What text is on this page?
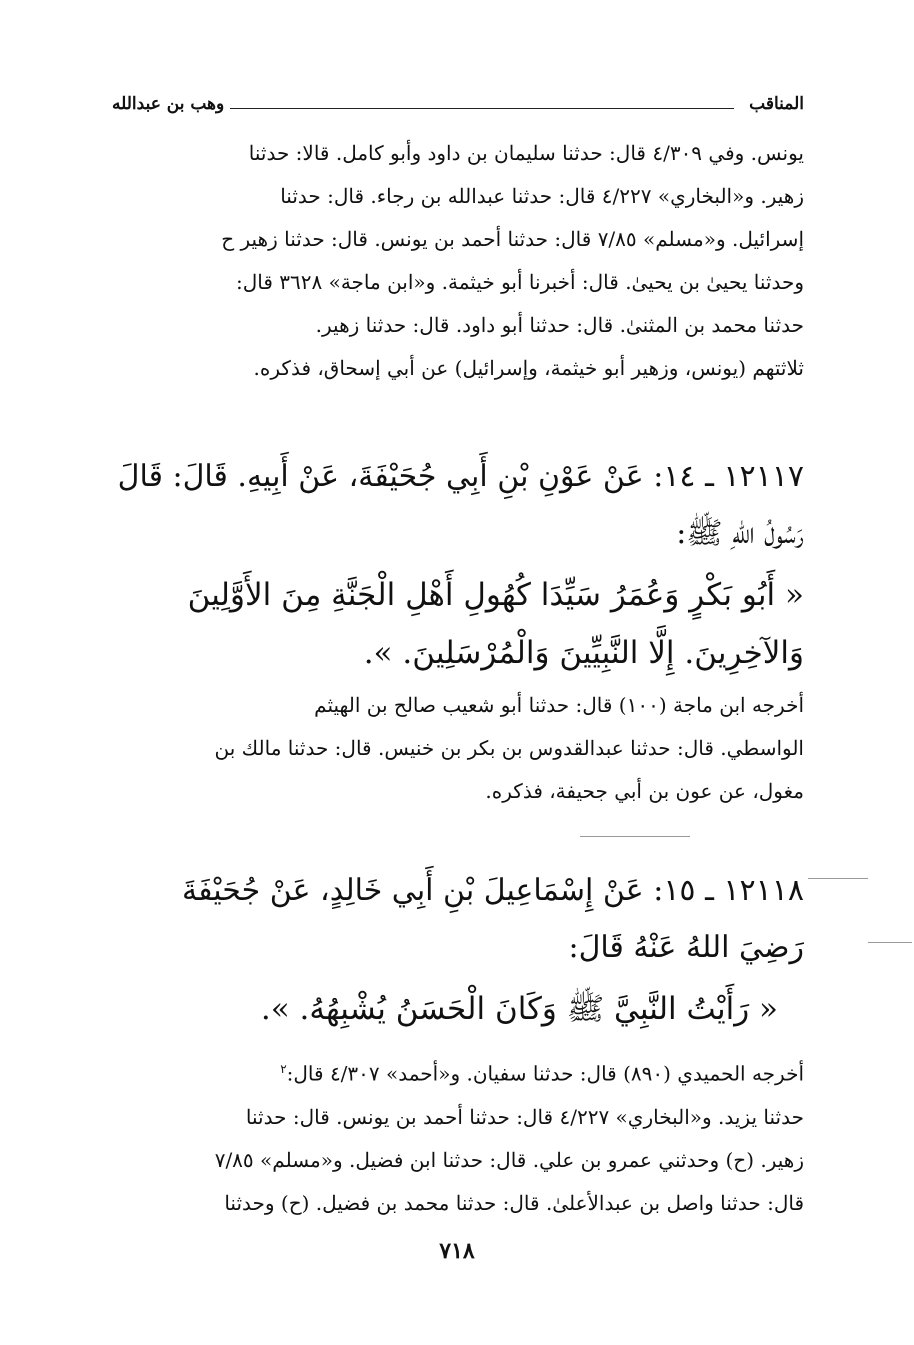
المناقب
وهب بن عبدالله
يونس. وفي ٤/٣٠٩ قال: حدثنا سليمان بن داود وأبو كامل. قالا: حدثنا
زهير. و«البخاري» ٤/٢٢٧ قال: حدثنا عبدالله بن رجاء. قال: حدثنا
إسرائيل. و«مسلم» ٧/٨٥ قال: حدثنا أحمد بن يونس. قال: حدثنا زهير ح
وحدثنا يحيىٰ بن يحيىٰ. قال: أخبرنا أبو خيثمة. و«ابن ماجة» ٣٦٢٨ قال:
حدثنا محمد بن المثنىٰ. قال: حدثنا أبو داود. قال: حدثنا زهير.
ثلاثتهم (يونس، وزهير أبو خيثمة، وإسرائيل) عن أبي إسحاق، فذكره.
١٢١١٧ ـ ١٤: عَنْ عَوْنِ بْنِ أَبِي جُحَيْفَةَ، عَنْ أَبِيهِ. قَالَ: قَالَ
رَسُولُ اللهِ ﷺ:
« أَبُو بَكْرٍ وَعُمَرُ سَيِّدَا كُهُولِ أَهْلِ الْجَنَّةِ مِنَ الأَوَّلِينَ
وَالآخِرِينَ. إِلَّا النَّبِيِّينَ وَالْمُرْسَلِينَ. ».
أخرجه ابن ماجة (١٠٠) قال: حدثنا أبو شعيب صالح بن الهيثم
الواسطي. قال: حدثنا عبدالقدوس بن بكر بن خنيس. قال: حدثنا مالك بن
مغول، عن عون بن أبي جحيفة، فذكره.
١٢١١٨ ـ ١٥: عَنْ إِسْمَاعِيلَ بْنِ أَبِي خَالِدٍ، عَنْ جُحَيْفَةَ
رَضِيَ اللهُ عَنْهُ قَالَ:
« رَأَيْتُ النَّبِيَّ ﷺ وَكَانَ الْحَسَنُ يُشْبِهُهُ. ».
أخرجه الحميدي (٨٩٠) قال: حدثنا سفيان. و«أحمد» ٤/٣٠٧ قال:$^٢$
حدثنا يزيد. و«البخاري» ٤/٢٢٧ قال: حدثنا أحمد بن يونس. قال: حدثنا
زهير. (ح) وحدثني عمرو بن علي. قال: حدثنا ابن فضيل. و«مسلم» ٧/٨٥
قال: حدثنا واصل بن عبدالأعلىٰ. قال: حدثنا محمد بن فضيل. (ح) وحدثنا
٧١٨
